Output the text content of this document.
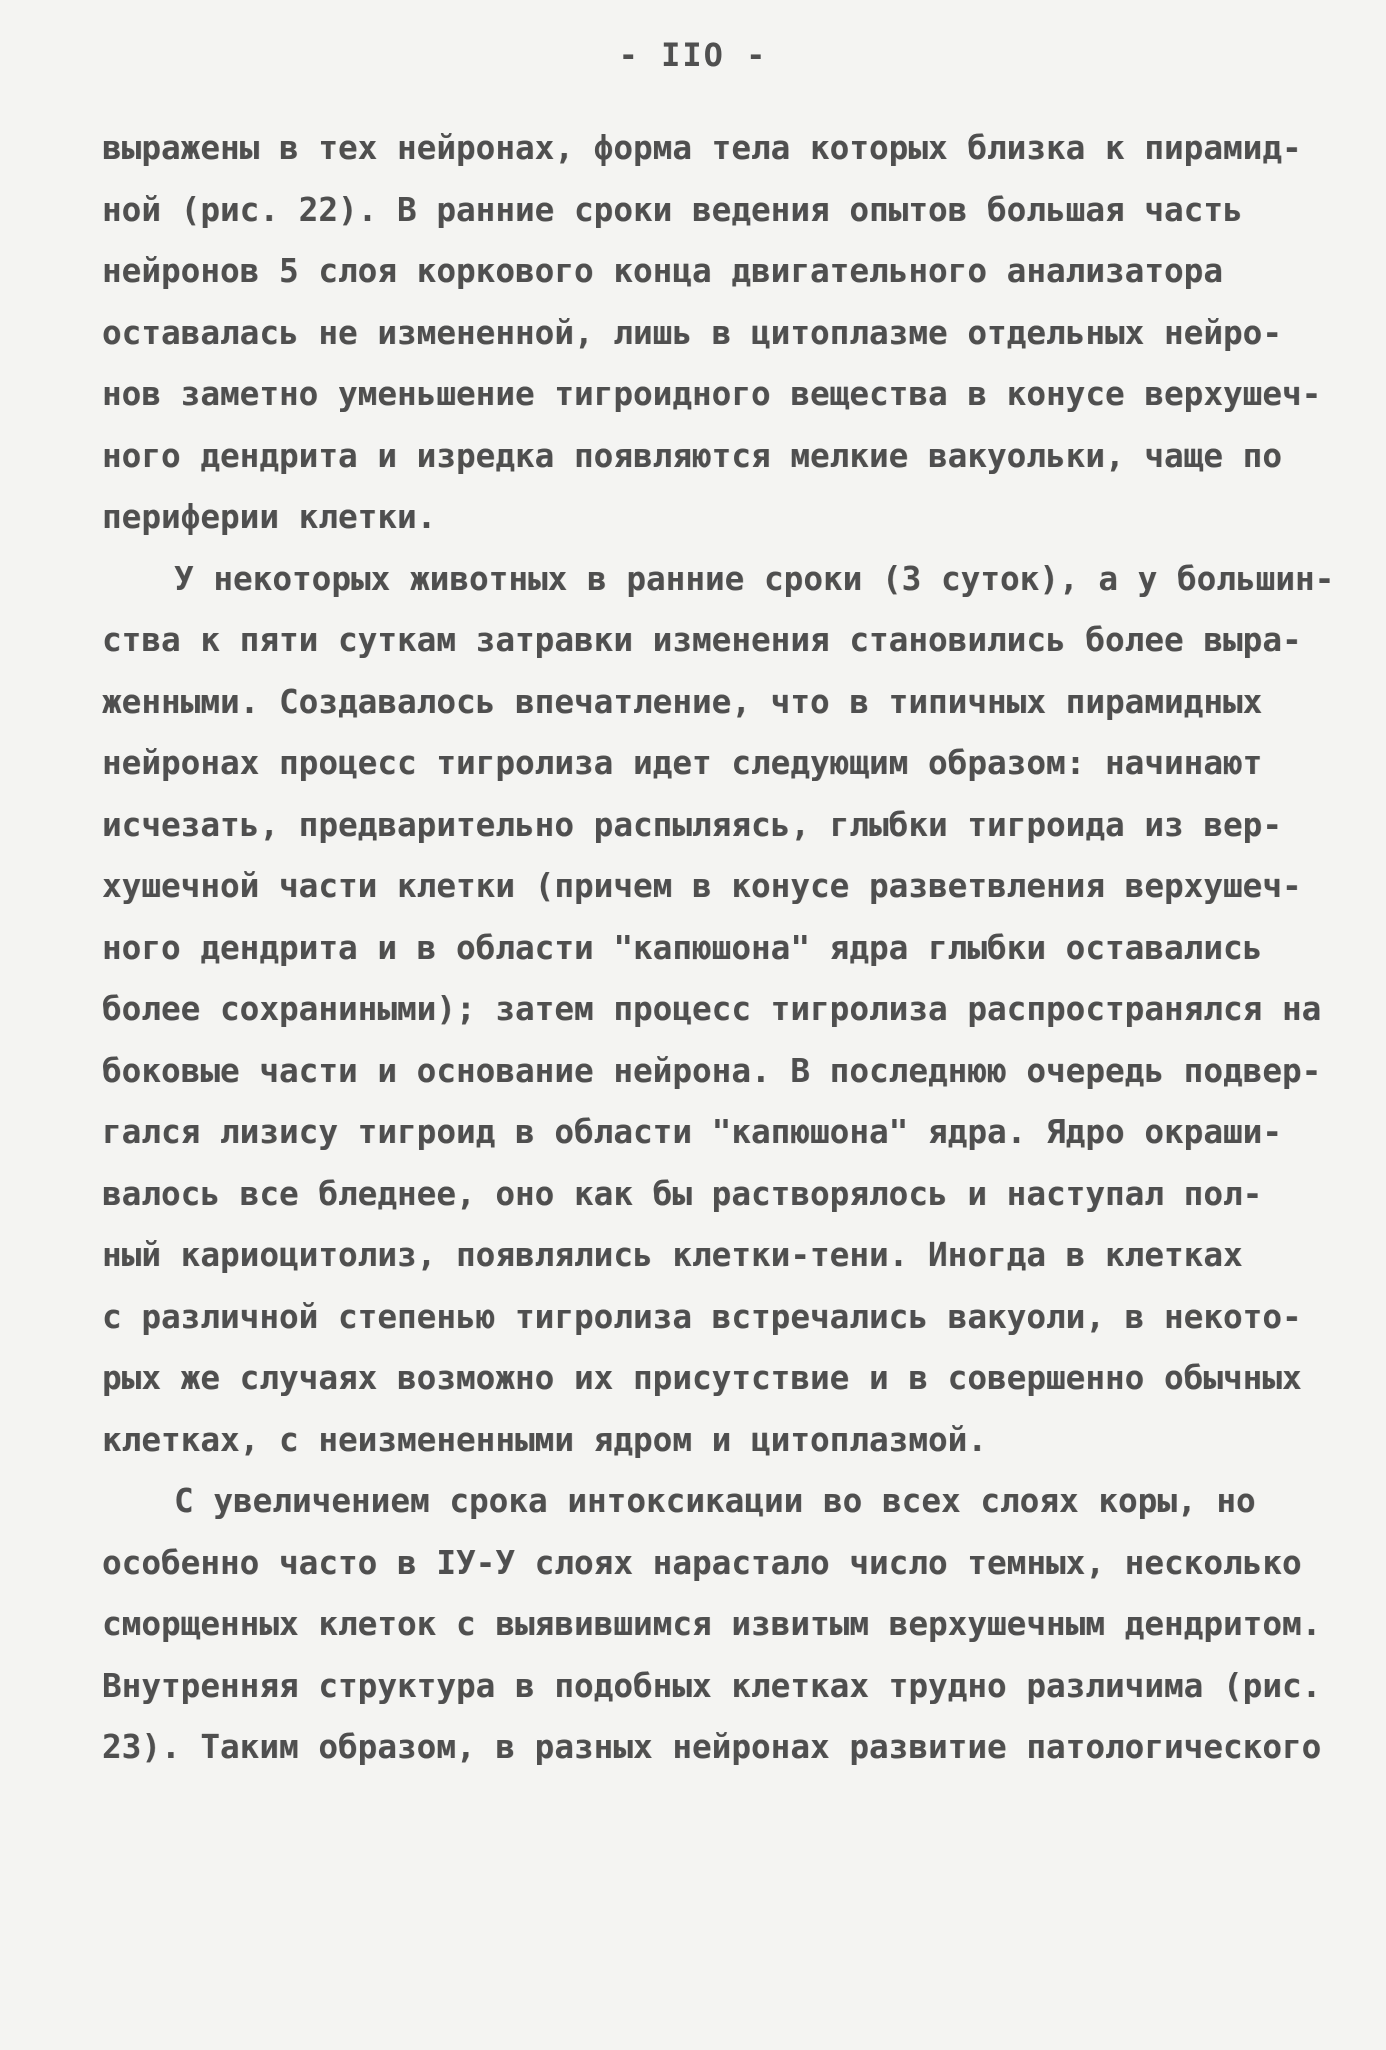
- IIO -
выражены в тех нейронах, форма тела которых близка к пирамид-
ной (рис. 22). В ранние сроки ведения опытов большая часть
нейронов 5 слоя коркового конца двигательного анализатора
оставалась не измененной, лишь в цитоплазме отдельных нейро-
нов заметно уменьшение тигроидного вещества в конусе верхушеч-
ного дендрита и изредка появляются мелкие вакуольки, чаще по
периферии клетки.
У некоторых животных в ранние сроки (3 суток), а у большин-
ства к пяти суткам затравки изменения становились более выра-
женными. Создавалось впечатление, что в типичных пирамидных
нейронах процесс тигролиза идет следующим образом: начинают
исчезать, предварительно распыляясь, глыбки тигроида из вер-
хушечной части клетки (причем в конусе разветвления верхушеч-
ного дендрита и в области "капюшона" ядра глыбки оставались
более сохраниными); затем процесс тигролиза распространялся на
боковые части и основание нейрона. В последнюю очередь подвер-
гался лизису тигроид в области "капюшона" ядра. Ядро окраши-
валось все бледнее, оно как бы растворялось и наступал пол-
ный кариоцитолиз, появлялись клетки-тени. Иногда в клетках
с различной степенью тигролиза встречались вакуоли, в некото-
рых же случаях возможно их присутствие и в совершенно обычных
клетках, с неизмененными ядром и цитоплазмой.
С увеличением срока интоксикации во всех слоях коры, но
особенно часто в IУ-У слоях нарастало число темных, несколько
сморщенных клеток с выявившимся извитым верхушечным дендритом.
Внутренняя структура в подобных клетках трудно различима (рис.
23). Таким образом, в разных нейронах развитие патологического
